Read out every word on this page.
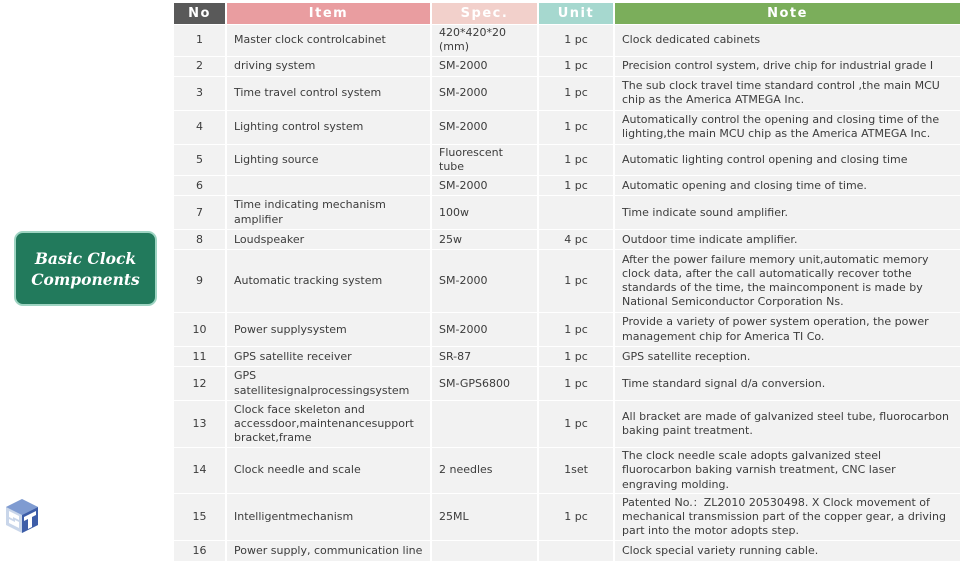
Basic Clock
Components
No	Item	Spec.	Unit	Note
1	Master clock controlcabinet	420*420*20 (mm)	1 pc	Clock dedicated cabinets
2	driving system	SM-2000	1 pc	Precision control system, drive chip for industrial grade I
3	Time travel control system	SM-2000	1 pc	The sub clock travel time standard control ,the main MCU chip as the America ATMEGA Inc.
4	Lighting control system	SM-2000	1 pc	Automatically control the opening and closing time of the lighting,the main MCU chip as the America ATMEGA Inc.
5	Lighting source	Fluorescent tube	1 pc	Automatic lighting control opening and closing time
6		SM-2000	1 pc	Automatic opening and closing time of time.
7	Time indicating mechanism amplifier	100w		Time indicate sound amplifier.
8	Loudspeaker	25w	4 pc	Outdoor time indicate amplifier.
9	Automatic tracking system	SM-2000	1 pc	After the power failure memory unit,automatic memory clock data, after the call automatically recover tothe standards of the time, the maincomponent is made by National Semiconductor Corporation Ns.
10	Power supplysystem	SM-2000	1 pc	Provide a variety of power system operation, the power management chip for America TI Co.
11	GPS satellite receiver	SR-87	1 pc	GPS satellite reception.
12	GPS satellitesignalprocessingsystem	SM-GPS6800	1 pc	Time standard signal d/a conversion.
13	Clock face skeleton and accessdoor,maintenancesupport bracket,frame		1 pc	All bracket are made of galvanized steel tube, fluorocarbon baking paint treatment.
14	Clock needle and scale	2 needles	1set	The clock needle scale adopts galvanized steel fluorocarbon baking varnish treatment, CNC laser engraving molding.
15	Intelligentmechanism	25ML	1 pc	Patented No.：ZL2010 20530498. X Clock movement of mechanical transmission part of the copper gear, a driving part into the motor adopts step.
16	Power supply, communication line			Clock special variety running cable.
